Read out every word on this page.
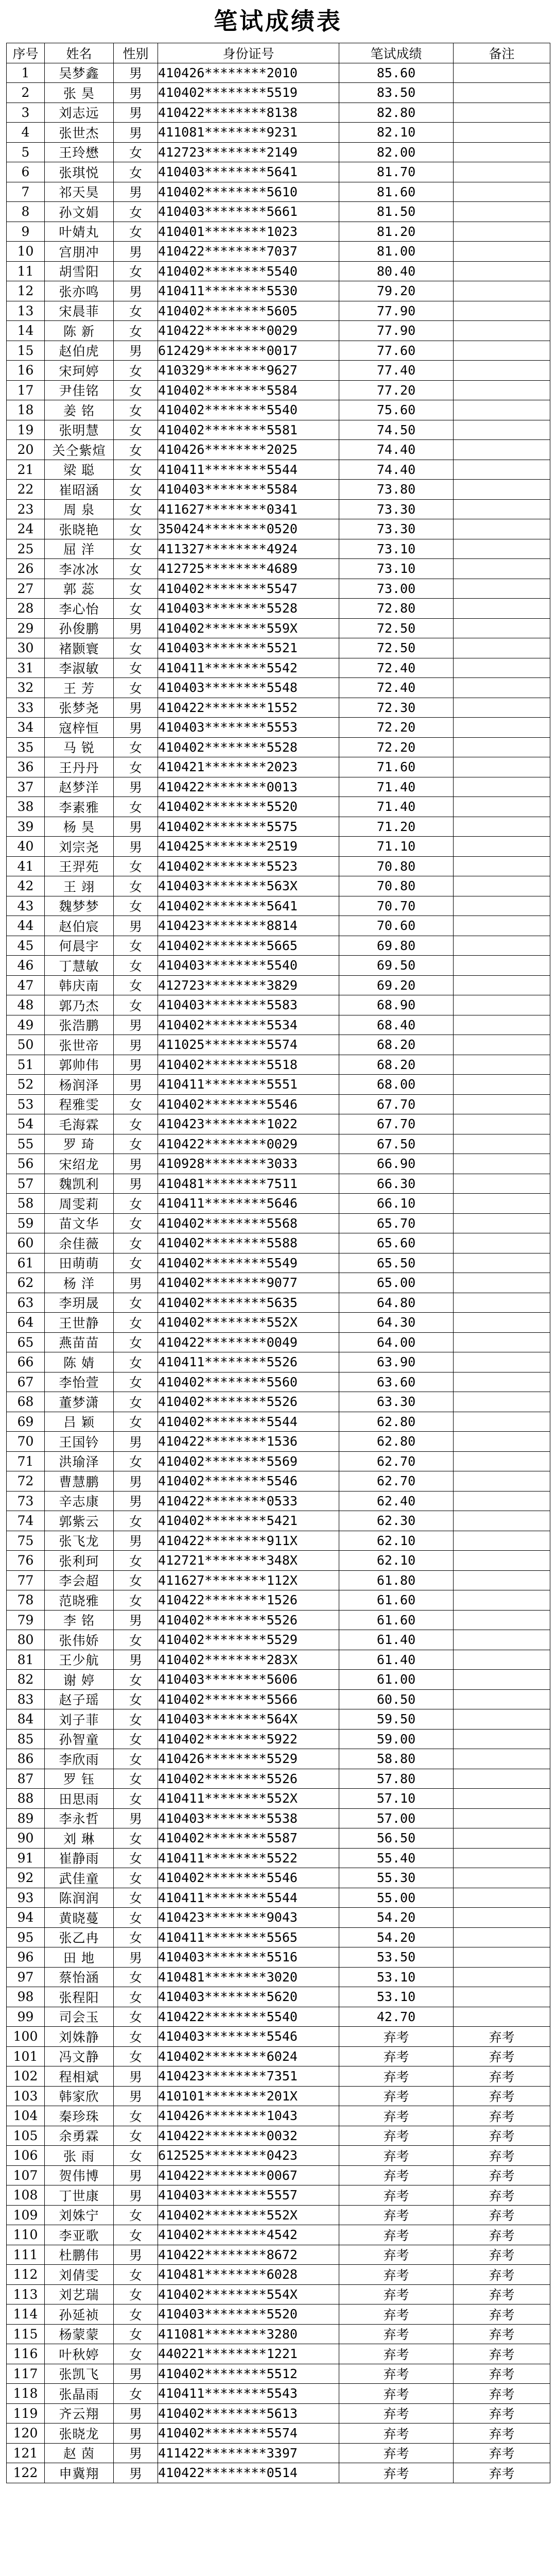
笔试成绩表
序号	姓名	性别	身份证号	笔试成绩	备注
1	吴梦鑫	男	410426********2010	85.60	
2	张 昊	男	410402********5519	83.50	
3	刘志远	男	410422********8138	82.80	
4	张世杰	男	411081********9231	82.10	
5	王玲懋	女	412723********2149	82.00	
6	张琪悦	女	410403********5641	81.70	
7	祁天昊	男	410402********5610	81.60	
8	孙文娟	女	410403********5661	81.50	
9	叶婧丸	女	410401********1023	81.20	
10	宫朋冲	男	410422********7037	81.00	
11	胡雪阳	女	410402********5540	80.40	
12	张亦鸣	男	410411********5530	79.20	
13	宋晨菲	女	410402********5605	77.90	
14	陈 新	女	410422********0029	77.90	
15	赵伯虎	男	612429********0017	77.60	
16	宋珂婷	女	410329********9627	77.40	
17	尹佳铭	女	410402********5584	77.20	
18	姜 铭	女	410402********5540	75.60	
19	张明慧	女	410402********5581	74.50	
20	关仝紫煊	女	410426********2025	74.40	
21	梁 聪	女	410411********5544	74.40	
22	崔昭涵	女	410403********5584	73.80	
23	周 泉	女	411627********0341	73.30	
24	张晓艳	女	350424********0520	73.30	
25	屈 洋	女	411327********4924	73.10	
26	李冰冰	女	412725********4689	73.10	
27	郭 蕊	女	410402********5547	73.00	
28	李心怡	女	410403********5528	72.80	
29	孙俊鹏	男	410402********559X	72.50	
30	褚颢寰	女	410403********5521	72.50	
31	李淑敏	女	410411********5542	72.40	
32	王 芳	女	410403********5548	72.40	
33	张梦尧	男	410422********1552	72.30	
34	寇梓恒	男	410403********5553	72.20	
35	马 锐	女	410402********5528	72.20	
36	王丹丹	女	410421********2023	71.60	
37	赵梦洋	男	410422********0013	71.40	
38	李素雅	女	410402********5520	71.40	
39	杨 昊	男	410402********5575	71.20	
40	刘宗尧	男	410425********2519	71.10	
41	王羿苑	女	410402********5523	70.80	
42	王 翊	女	410403********563X	70.80	
43	魏梦梦	女	410402********5641	70.70	
44	赵伯宸	男	410423********8814	70.60	
45	何晨宇	女	410402********5665	69.80	
46	丁慧敏	女	410403********5540	69.50	
47	韩庆南	女	412723********3829	69.20	
48	郭乃杰	女	410403********5583	68.90	
49	张浩鹏	男	410402********5534	68.40	
50	张世帝	男	411025********5574	68.20	
51	郭帅伟	男	410402********5518	68.20	
52	杨润泽	男	410411********5551	68.00	
53	程雅雯	女	410402********5546	67.70	
54	毛海霖	女	410423********1022	67.70	
55	罗 琦	女	410422********0029	67.50	
56	宋绍龙	男	410928********3033	66.90	
57	魏凯利	男	410481********7511	66.30	
58	周雯莉	女	410411********5646	66.10	
59	苗文华	女	410402********5568	65.70	
60	余佳薇	女	410402********5588	65.60	
61	田萌萌	女	410402********5549	65.50	
62	杨 洋	男	410402********9077	65.00	
63	李玥晟	女	410402********5635	64.80	
64	王世静	女	410402********552X	64.30	
65	燕苗苗	女	410422********0049	64.00	
66	陈 婧	女	410411********5526	63.90	
67	李怡萱	女	410402********5560	63.60	
68	董梦潇	女	410402********5526	63.30	
69	吕 颖	女	410402********5544	62.80	
70	王国钤	男	410422********1536	62.80	
71	洪瑜泽	女	410402********5569	62.70	
72	曹慧鹏	男	410402********5546	62.70	
73	辛志康	男	410422********0533	62.40	
74	郭紫云	女	410402********5421	62.30	
75	张飞龙	男	410422********911X	62.10	
76	张利珂	女	412721********348X	62.10	
77	李会超	女	411627********112X	61.80	
78	范晓雅	女	410422********1526	61.60	
79	李 铭	男	410402********5526	61.60	
80	张伟娇	女	410402********5529	61.40	
81	王少航	男	410402********283X	61.40	
82	谢 婷	女	410403********5606	61.00	
83	赵子瑶	女	410402********5566	60.50	
84	刘子菲	女	410403********564X	59.50	
85	孙智童	女	410402********5922	59.00	
86	李欣雨	女	410426********5529	58.80	
87	罗 钰	女	410402********5526	57.80	
88	田思雨	女	410411********552X	57.10	
89	李永哲	男	410403********5538	57.00	
90	刘 琳	女	410402********5587	56.50	
91	崔静雨	女	410411********5522	55.40	
92	武佳童	女	410402********5546	55.30	
93	陈润润	女	410411********5544	55.00	
94	黄晓蔓	女	410423********9043	54.20	
95	张乙冉	女	410411********5565	54.20	
96	田 地	男	410403********5516	53.50	
97	蔡怡涵	女	410481********3020	53.10	
98	张程阳	女	410403********5620	53.10	
99	司会玉	女	410422********5540	42.70	
100	刘姝静	女	410403********5546	弃考	弃考
101	冯文静	女	410402********6024	弃考	弃考
102	程相斌	男	410423********7351	弃考	弃考
103	韩家欣	男	410101********201X	弃考	弃考
104	秦珍珠	女	410426********1043	弃考	弃考
105	余勇霖	女	410422********0032	弃考	弃考
106	张 雨	女	612525********0423	弃考	弃考
107	贺伟博	男	410422********0067	弃考	弃考
108	丁世康	男	410403********5557	弃考	弃考
109	刘姝宁	女	410402********552X	弃考	弃考
110	李亚歌	女	410402********4542	弃考	弃考
111	杜鹏伟	男	410422********8672	弃考	弃考
112	刘倩雯	女	410481********6028	弃考	弃考
113	刘艺瑞	女	410402********554X	弃考	弃考
114	孙延祯	女	410403********5520	弃考	弃考
115	杨蒙蒙	女	411081********3280	弃考	弃考
116	叶秋婷	女	440221********1221	弃考	弃考
117	张凯飞	男	410402********5512	弃考	弃考
118	张晶雨	女	410411********5543	弃考	弃考
119	齐云翔	男	410402********5613	弃考	弃考
120	张晓龙	男	410402********5574	弃考	弃考
121	赵 茵	男	411422********3397	弃考	弃考
122	申冀翔	男	410422********0514	弃考	弃考
